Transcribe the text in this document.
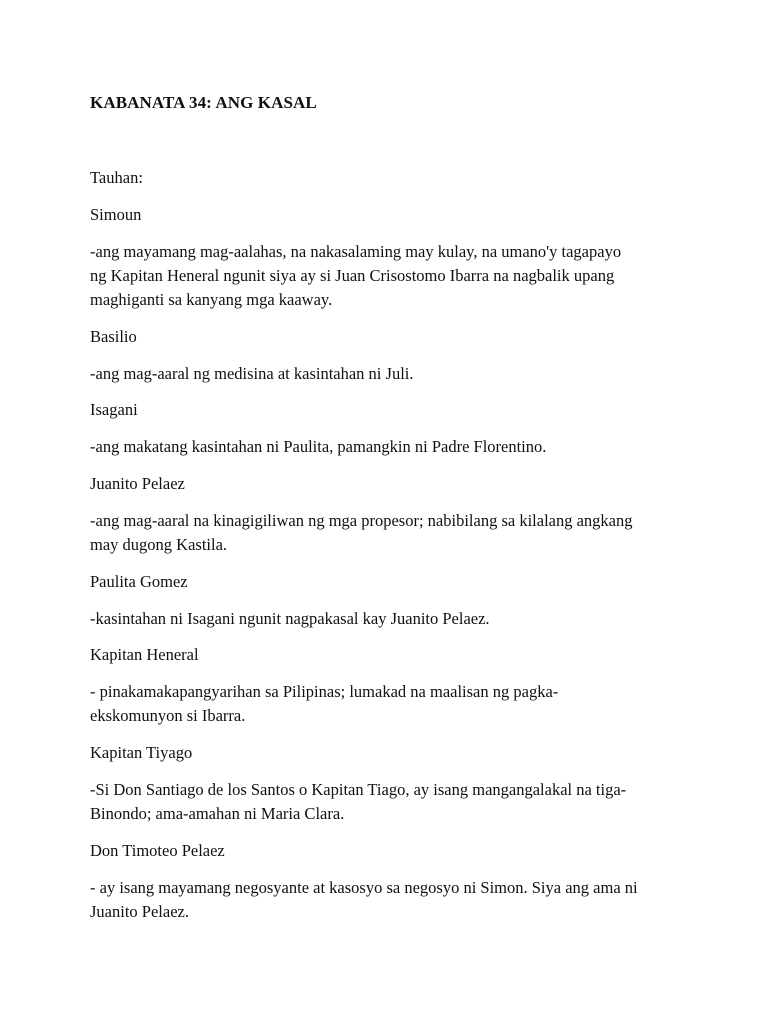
KABANATA 34: ANG KASAL

Tauhan:

Simoun

-ang mayamang mag-aalahas, na nakasalaming may kulay, na umano'y tagapayo
ng Kapitan Heneral ngunit siya ay si Juan Crisostomo Ibarra na nagbalik upang
maghiganti sa kanyang mga kaaway.

Basilio

-ang mag-aaral ng medisina at kasintahan ni Juli.

Isagani

-ang makatang kasintahan ni Paulita, pamangkin ni Padre Florentino.

Juanito Pelaez

-ang mag-aaral na kinagigiliwan ng mga propesor; nabibilang sa kilalang angkang
may dugong Kastila.

Paulita Gomez

-kasintahan ni Isagani ngunit nagpakasal kay Juanito Pelaez.

Kapitan Heneral

- pinakamakapangyarihan sa Pilipinas; lumakad na maalisan ng pagka-
ekskomunyon si Ibarra.

Kapitan Tiyago

-Si Don Santiago de los Santos o Kapitan Tiago, ay isang mangangalakal na tiga-
Binondo; ama-amahan ni Maria Clara.

Don Timoteo Pelaez

- ay isang mayamang negosyante at kasosyo sa negosyo ni Simon. Siya ang ama ni
Juanito Pelaez.
